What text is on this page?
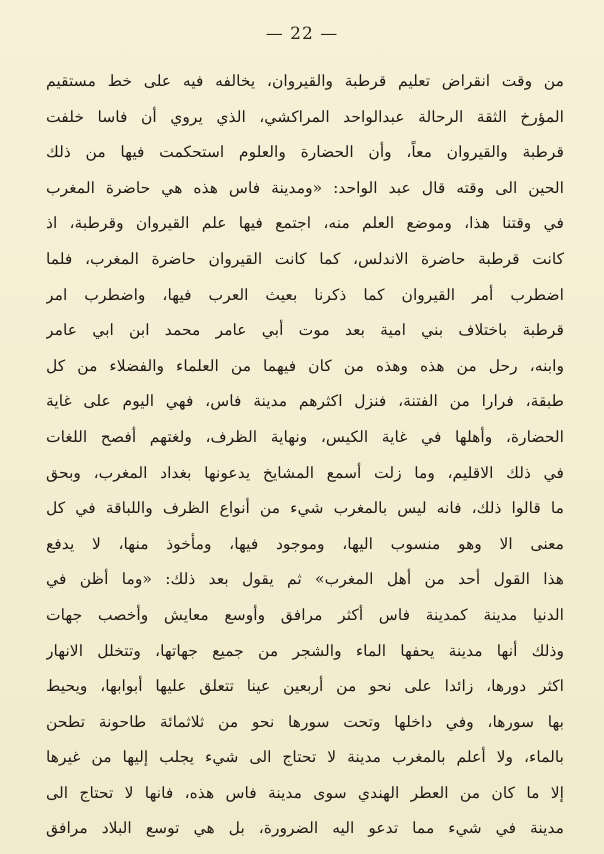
— 22 —
من وقت انقراض تعليم قرطبة والقيروان، يخالفه فيه على خط مستقيم
المؤرخ الثقة الرحالة عبدالواحد المراكشي، الذي يروي أن فاسا خلفت
قرطبة والقيروان معاً، وأن الحضارة والعلوم استحكمت فيها من ذلك
الحين الى وقته قال عبد الواحد: «ومدينة فاس هذه هي حاضرة المغرب
في وقتنا هذا، وموضع العلم منه، اجتمع فيها علم القيروان وقرطبة، اذ
كانت قرطبة حاضرة الاندلس، كما كانت القيروان حاضرة المغرب، فلما
اضطرب أمر القيروان كما ذكرنا بعيث العرب فيها، واضطرب امر
قرطبة باختلاف بني امية بعد موت أبي عامر محمد ابن ابي عامر
وابنه، رحل من هذه وهذه من كان فيهما من العلماء والفضلاء من كل
طبقة، فرارا من الفتنة، فنزل اكثرهم مدينة فاس، فهي اليوم على غاية
الحضارة، وأهلها في غاية الكيس، ونهاية الظرف، ولغتهم أفصح اللغات
في ذلك الاقليم، وما زلت أسمع المشايخ يدعونها بغداد المغرب، وبحق
ما قالوا ذلك، فانه ليس بالمغرب شيء من أنواع الظرف واللباقة في كل
معنى الا وهو منسوب اليها، وموجود فيها، ومأخوذ منها، لا يدفع
هذا القول أحد من أهل المغرب» ثم يقول بعد ذلك: «وما أظن في
الدنيا مدينة كمدينة فاس أكثر مرافق وأوسع معايش وأخصب جهات
وذلك أنها مدينة يحفها الماء والشجر من جميع جهاتها، وتتخلل الانهار
اكثر دورها، زائدا على نحو من أربعين عينا تتعلق عليها أبوابها، ويحيط
بها سورها، وفي داخلها وتحت سورها نحو من ثلاثمائة طاحونة تطحن
بالماء، ولا أعلم بالمغرب مدينة لا تحتاج الى شيء يجلب إليها من غيرها
إلا ما كان من العطر الهندي سوى مدينة فاس هذه، فانها لا تحتاج الى
مدينة في شيء مما تدعو اليه الضرورة، بل هي توسع البلاد مرافق
